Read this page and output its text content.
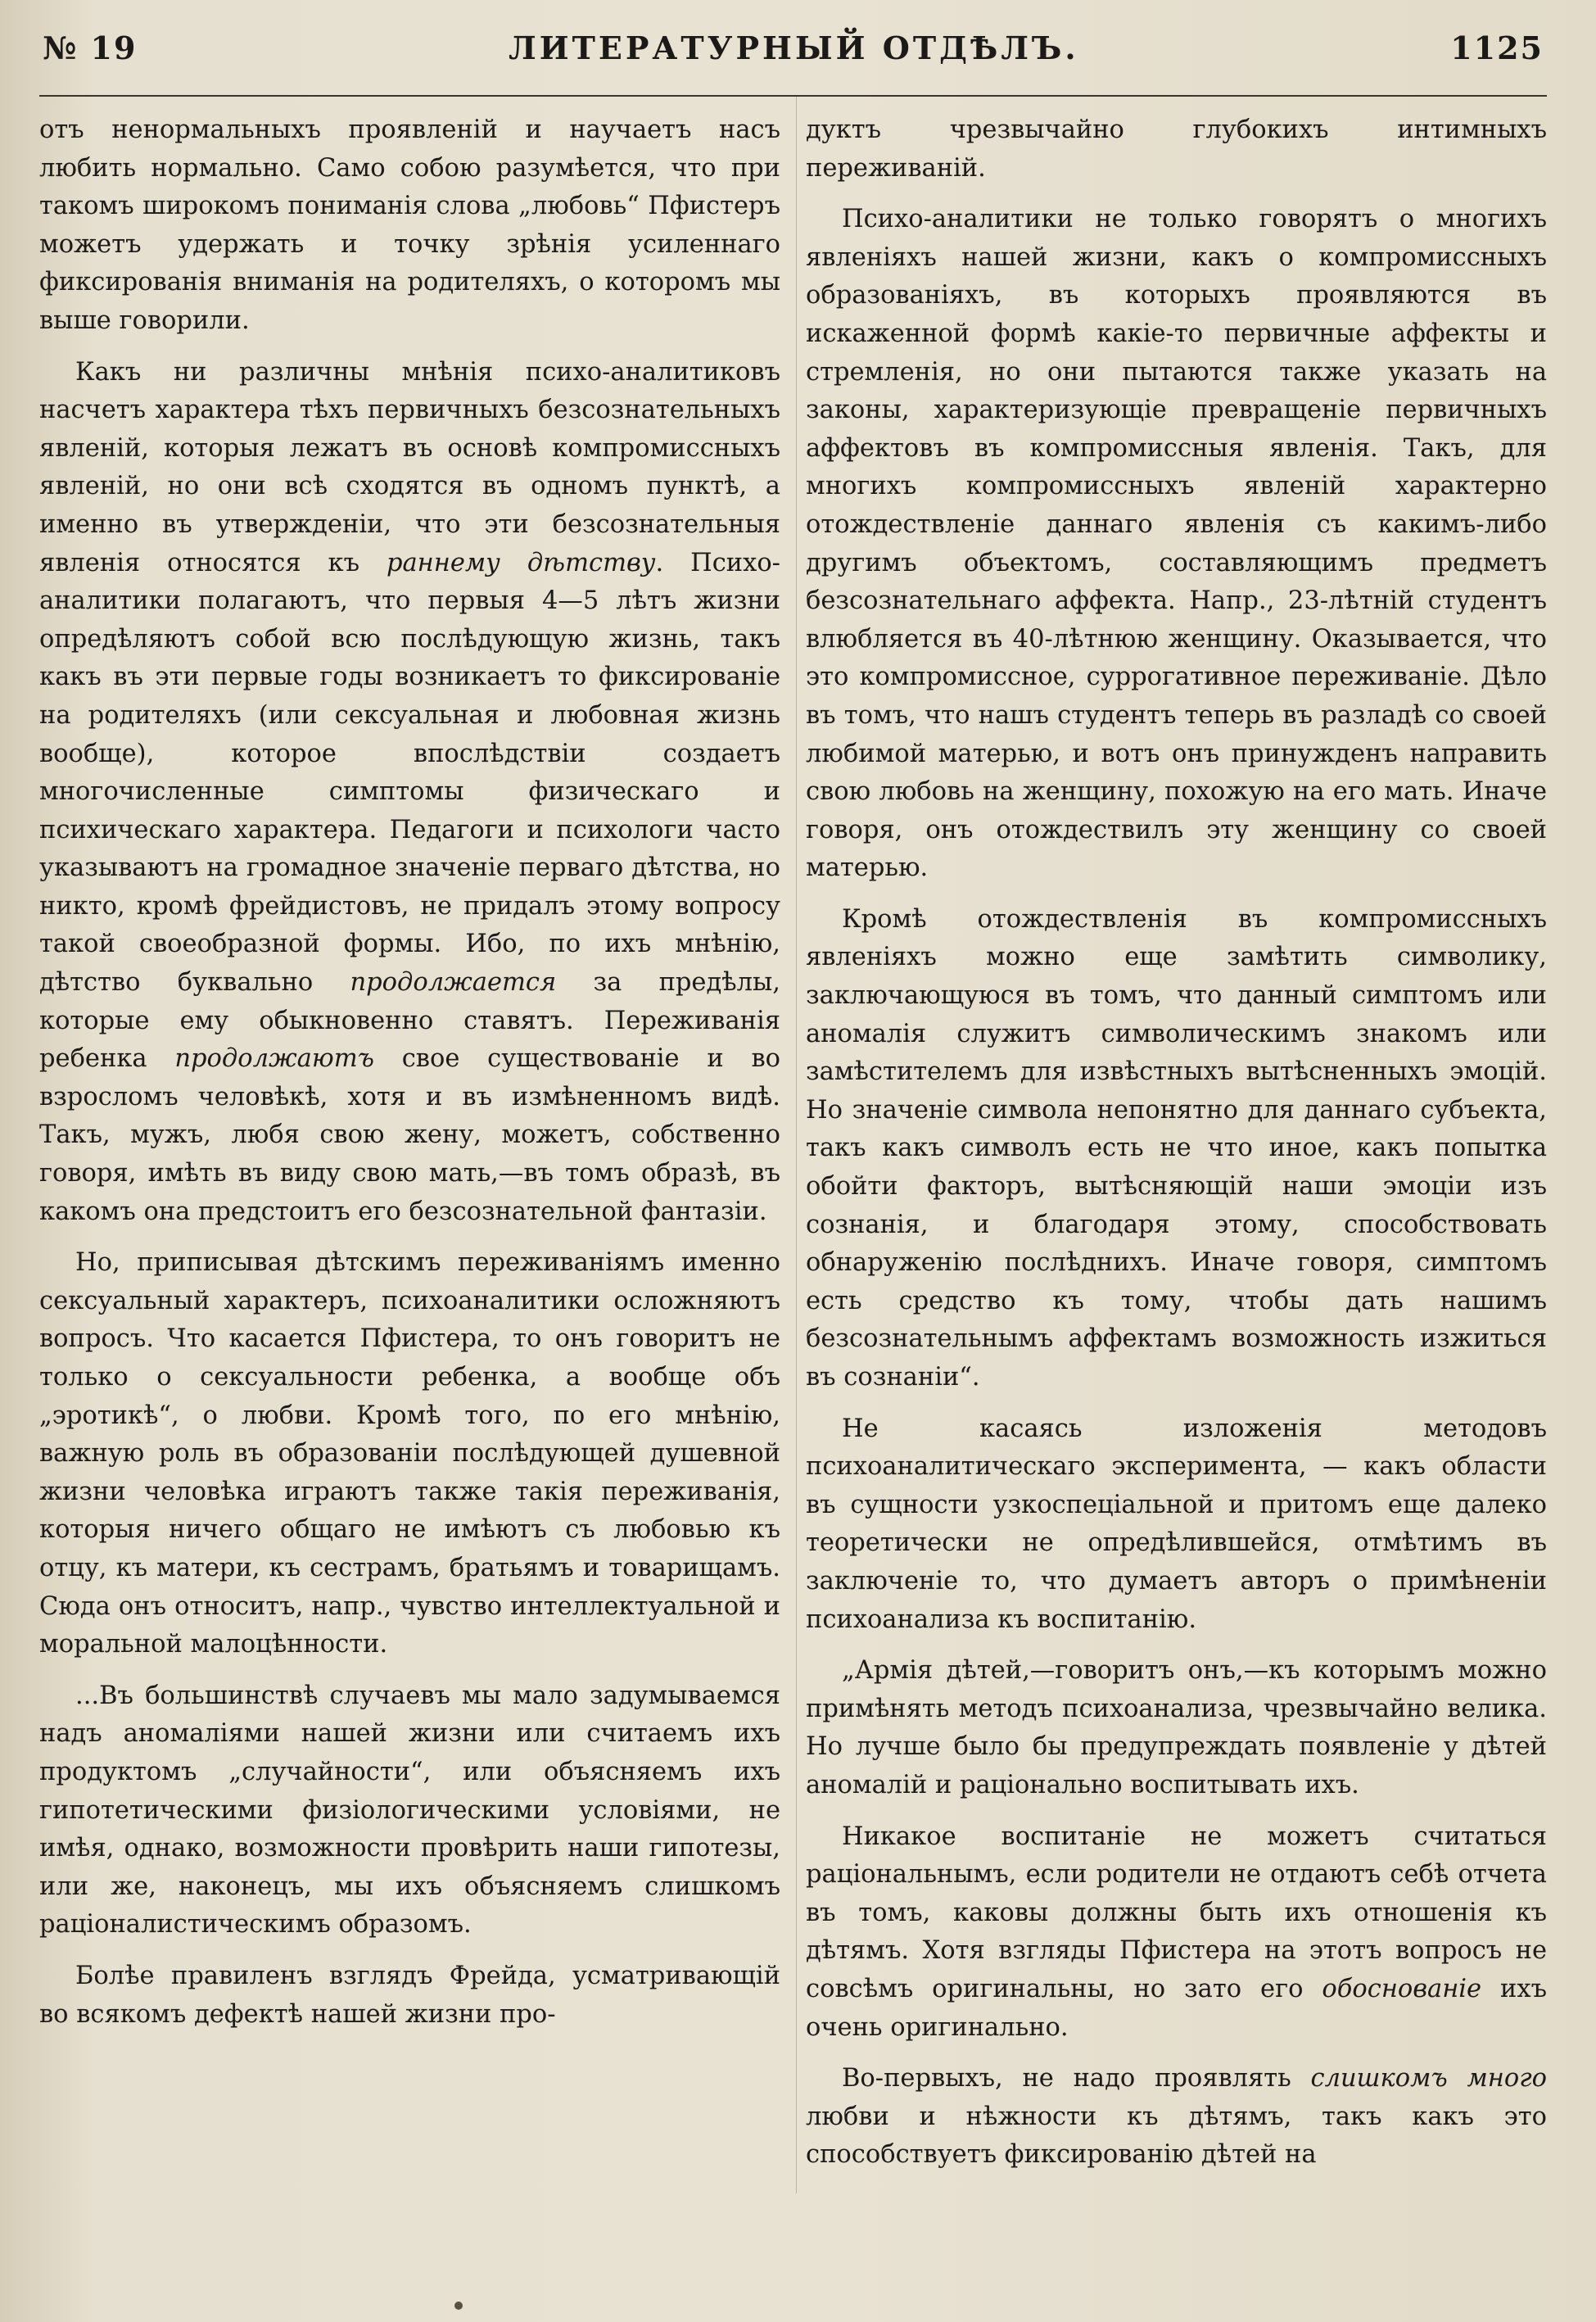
№ 19	ЛИТЕРАТУРНЫЙ ОТДѢЛЪ.	1125

отъ ненормальныхъ проявленій и научаетъ насъ любить нормально. Само собою разумѣется, что при такомъ широкомъ пониманія слова „любовь“ Пфистеръ можетъ удержать и точку зрѣнія усиленнаго фиксированія вниманія на родителяхъ, о которомъ мы выше говорили.

Какъ ни различны мнѣнія психо-аналитиковъ насчетъ характера тѣхъ первичныхъ безсознательныхъ явленій, которыя лежатъ въ основѣ компромиссныхъ явленій, но они всѣ сходятся въ одномъ пунктѣ, а именно въ утвержденіи, что эти безсознательныя явленія относятся къ раннему дѣтству. Психо-аналитики полагаютъ, что первыя 4—5 лѣтъ жизни опредѣляютъ собой всю послѣдующую жизнь, такъ какъ въ эти первые годы возникаетъ то фиксированіе на родителяхъ (или сексуальная и любовная жизнь вообще), которое впослѣдствіи создаетъ многочисленные симптомы физическаго и психическаго характера. Педагоги и психологи часто указываютъ на громадное значеніе перваго дѣтства, но никто, кромѣ фрейдистовъ, не придалъ этому вопросу такой своеобразной формы. Ибо, по ихъ мнѣнію, дѣтство буквально продолжается за предѣлы, которые ему обыкновенно ставятъ. Переживанія ребенка продолжаютъ свое существованіе и во взросломъ человѣкѣ, хотя и въ измѣненномъ видѣ. Такъ, мужъ, любя свою жену, можетъ, собственно говоря, имѣть въ виду свою мать,—въ томъ образѣ, въ какомъ она предстоитъ его безсознательной фантазіи.

Но, приписывая дѣтскимъ переживаніямъ именно сексуальный характеръ, психоаналитики осложняютъ вопросъ. Что касается Пфистера, то онъ говоритъ не только о сексуальности ребенка, а вообще объ „эротикѣ“, о любви. Кромѣ того, по его мнѣнію, важную роль въ образованіи послѣдующей душевной жизни человѣка играютъ также такія переживанія, которыя ничего общаго не имѣютъ съ любовью къ отцу, къ матери, къ сестрамъ, братьямъ и товарищамъ. Сюда онъ относитъ, напр., чувство интеллектуальной и моральной малоцѣнности.

...Въ большинствѣ случаевъ мы мало задумываемся надъ аномаліями нашей жизни или считаемъ ихъ продуктомъ „случайности“, или объясняемъ ихъ гипотетическими физіологическими условіями, не имѣя, однако, возможности провѣрить наши гипотезы, или же, наконецъ, мы ихъ объясняемъ слишкомъ раціоналистическимъ образомъ.

Болѣе правиленъ взглядъ Фрейда, усматривающій во всякомъ дефектѣ нашей жизни про-

дуктъ чрезвычайно глубокихъ интимныхъ переживаній.

Психо-аналитики не только говорятъ о многихъ явленіяхъ нашей жизни, какъ о компромиссныхъ образованіяхъ, въ которыхъ проявляются въ искаженной формѣ какіе-то первичные аффекты и стремленія, но они пытаются также указать на законы, характеризующіе превращеніе первичныхъ аффектовъ въ компромиссныя явленія. Такъ, для многихъ компромиссныхъ явленій характерно отождествленіе даннаго явленія съ какимъ-либо другимъ объектомъ, составляющимъ предметъ безсознательнаго аффекта. Напр., 23-лѣтній студентъ влюбляется въ 40-лѣтнюю женщину. Оказывается, что это компромиссное, суррогативное переживаніе. Дѣло въ томъ, что нашъ студентъ теперь въ разладѣ со своей любимой матерью, и вотъ онъ принужденъ направить свою любовь на женщину, похожую на его мать. Иначе говоря, онъ отождествилъ эту женщину со своей матерью.

Кромѣ отождествленія въ компромиссныхъ явленіяхъ можно еще замѣтить символику, заключающуюся въ томъ, что данный симптомъ или аномалія служитъ символическимъ знакомъ или замѣстителемъ для извѣстныхъ вытѣсненныхъ эмоцій. Но значеніе символа непонятно для даннаго субъекта, такъ какъ символъ есть не что иное, какъ попытка обойти факторъ, вытѣсняющій наши эмоціи изъ сознанія, и благодаря этому, способствовать обнаруженію послѣднихъ. Иначе говоря, симптомъ есть средство къ тому, чтобы дать нашимъ безсознательнымъ аффектамъ возможность изжиться въ сознаніи“.

Не касаясь изложенія методовъ психоаналитическаго эксперимента, — какъ области въ сущности узкоспеціальной и притомъ еще далеко теоретически не опредѣлившейся, отмѣтимъ въ заключеніе то, что думаетъ авторъ о примѣненіи психоанализа къ воспитанію.

„Армія дѣтей,—говоритъ онъ,—къ которымъ можно примѣнять методъ психоанализа, чрезвычайно велика. Но лучше было бы предупреждать появленіе у дѣтей аномалій и раціонально воспитывать ихъ.

Никакое воспитаніе не можетъ считаться раціональнымъ, если родители не отдаютъ себѣ отчета въ томъ, каковы должны быть ихъ отношенія къ дѣтямъ. Хотя взгляды Пфистера на этотъ вопросъ не совсѣмъ оригинальны, но зато его обоснованіе ихъ очень оригинально.

Во-первыхъ, не надо проявлять слишкомъ много любви и нѣжности къ дѣтямъ, такъ какъ это способствуетъ фиксированію дѣтей на
